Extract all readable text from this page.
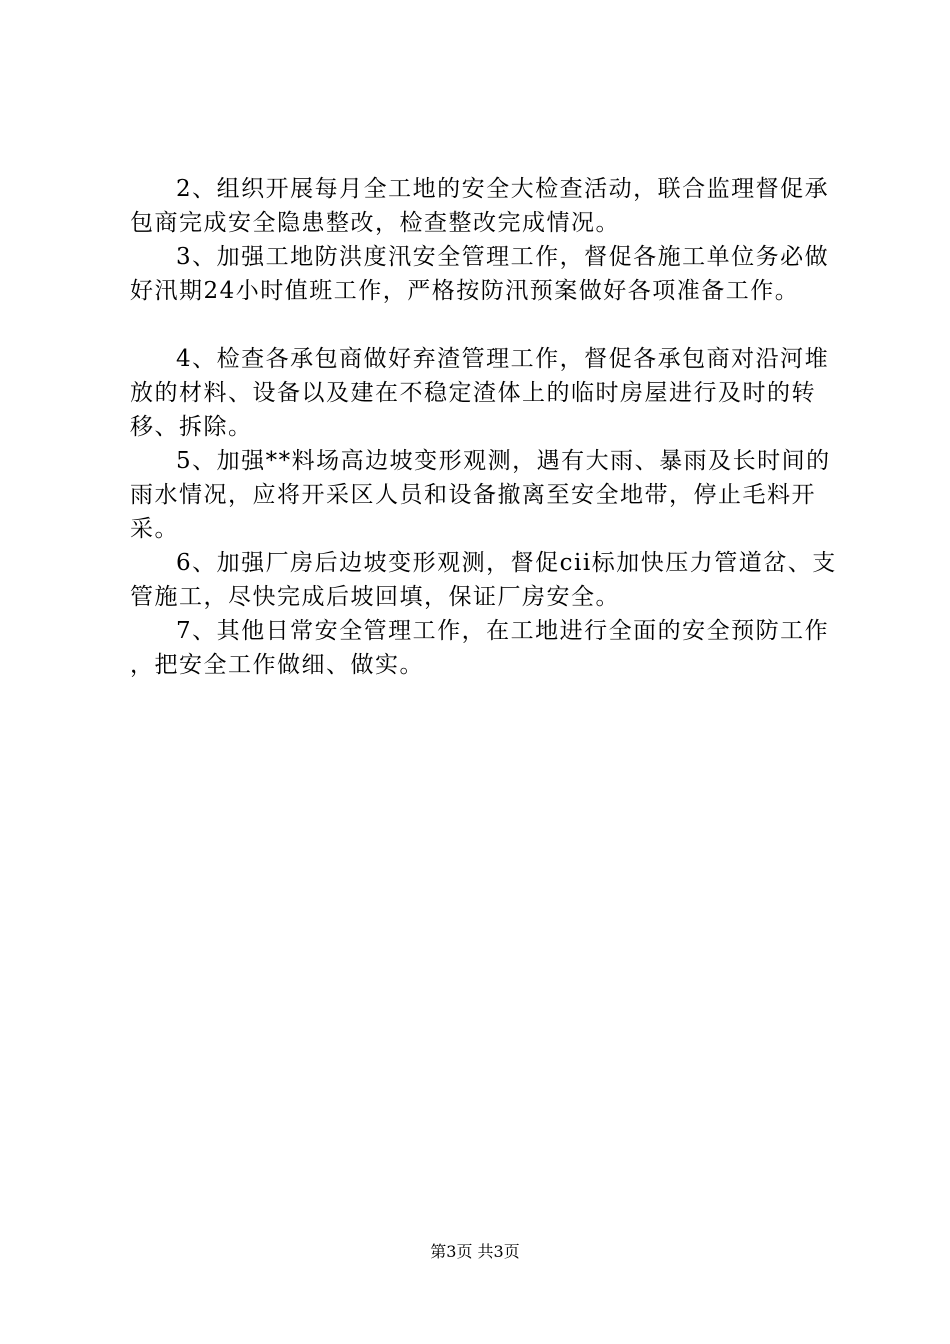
2、组织开展每月全工地的安全大检查活动，联合监理督促承包商完成安全隐患整改，检查整改完成情况。

3、加强工地防洪度汛安全管理工作，督促各施工单位务必做好汛期24小时值班工作，严格按防汛预案做好各项准备工作。

4、检查各承包商做好弃渣管理工作，督促各承包商对沿河堆放的材料、设备以及建在不稳定渣体上的临时房屋进行及时的转移、拆除。

5、加强**料场高边坡变形观测，遇有大雨、暴雨及长时间的雨水情况，应将开采区人员和设备撤离至安全地带，停止毛料开采。

6、加强厂房后边坡变形观测，督促cii标加快压力管道岔、支管施工，尽快完成后坡回填，保证厂房安全。

7、其他日常安全管理工作，在工地进行全面的安全预防工作，把安全工作做细、做实。

第3页 共3页
